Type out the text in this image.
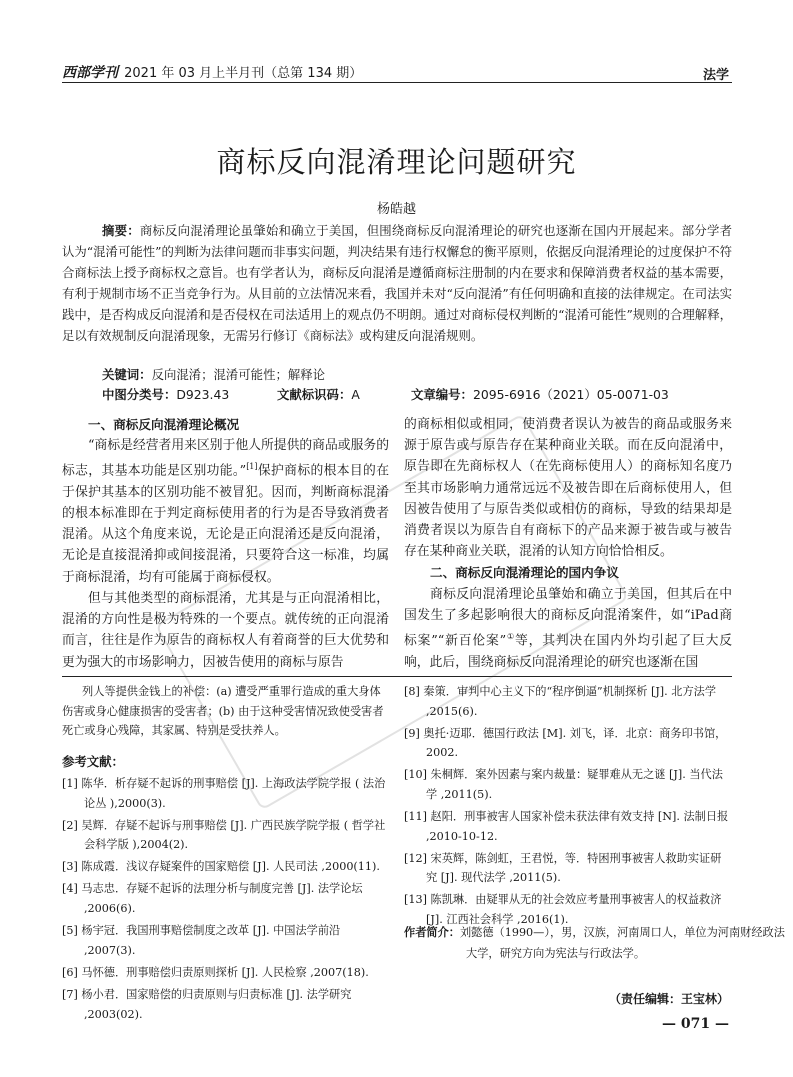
西部学刊 2021 年 03 月上半月刊（总第 134 期）	法学
商标反向混淆理论问题研究
杨皓越
摘要：商标反向混淆理论虽肇始和确立于美国，但围绕商标反向混淆理论的研究也逐渐在国内开展起来。部分学者认为“混淆可能性”的判断为法律问题而非事实问题，判决结果有违行权懈怠的衡平原则，依据反向混淆理论的过度保护不符合商标法上授予商标权之意旨。也有学者认为，商标反向混淆是遵循商标注册制的内在要求和保障消费者权益的基本需要，有利于规制市场不正当竞争行为。从目前的立法情况来看，我国并未对“反向混淆”有任何明确和直接的法律规定。在司法实践中，是否构成反向混淆和是否侵权在司法适用上的观点仍不明朗。通过对商标侵权判断的“混淆可能性”规则的合理解释，足以有效规制反向混淆现象，无需另行修订《商标法》或构建反向混淆规则。
关键词：反向混淆；混淆可能性；解释论
中图分类号：D923.43	文献标识码：A	文章编号：2095-6916（2021）05-0071-03
一、商标反向混淆理论概况

“商标是经营者用来区别于他人所提供的商品或服务的标志，其基本功能是区别功能。”[1]保护商标的根本目的在于保护其基本的区别功能不被冒犯。因而，判断商标混淆的根本标准即在于判定商标使用者的行为是否导致消费者混淆。从这个角度来说，无论是正向混淆还是反向混淆，无论是直接混淆抑或间接混淆，只要符合这一标准，均属于商标混淆，均有可能属于商标侵权。

但与其他类型的商标混淆，尤其是与正向混淆相比，混淆的方向性是极为特殊的一个要点。就传统的正向混淆而言，往往是作为原告的商标权人有着商誉的巨大优势和更为强大的市场影响力，因被告使用的商标与原告

的商标相似或相同，使消费者误认为被告的商品或服务来源于原告或与原告存在某种商业关联。而在反向混淆中，原告即在先商标权人（在先商标使用人）的商标知名度乃至其市场影响力通常远远不及被告即在后商标使用人，但因被告使用了与原告类似或相仿的商标，导致的结果却是消费者误以为原告自有商标下的产品来源于被告或与被告存在某种商业关联，混淆的认知方向恰恰相反。

二、商标反向混淆理论的国内争议

商标反向混淆理论虽肇始和确立于美国，但其后在中国发生了多起影响很大的商标反向混淆案件，如“iPad商标案”“新百伦案”①等，其判决在国内外均引起了巨大反响，此后，围绕商标反向混淆理论的研究也逐渐在国

列人等提供金钱上的补偿：(a) 遭受严重罪行造成的重大身体伤害或身心健康损害的受害者；(b) 由于这种受害情况致使受害者死亡或身心残障，其家属、特别是受扶养人。
参考文献：
[1] 陈华．析存疑不起诉的刑事赔偿 [J]. 上海政法学院学报 ( 法治论丛 ),2000(3).
[2] 吴辉．存疑不起诉与刑事赔偿 [J]. 广西民族学院学报 ( 哲学社会科学版 ),2004(2).
[3] 陈成霞．浅议存疑案件的国家赔偿 [J]. 人民司法 ,2000(11).
[4] 马志忠．存疑不起诉的法理分析与制度完善 [J]. 法学论坛 ,2006(6).
[5] 杨宇冠．我国刑事赔偿制度之改革 [J]. 中国法学前沿 ,2007(3).
[6] 马怀德．刑事赔偿归责原则探析 [J]. 人民检察 ,2007(18).
[7] 杨小君．国家赔偿的归责原则与归责标准 [J]. 法学研究 ,2003(02).
[8] 秦策．审判中心主义下的“程序倒逼”机制探析 [J]. 北方法学 ,2015(6).
[9] 奥托·迈耶．德国行政法 [M]. 刘飞，译．北京：商务印书馆，2002.
[10] 朱桐辉．案外因素与案内裁量：疑罪难从无之谜 [J]. 当代法学 ,2011(5).
[11] 赵阳．刑事被害人国家补偿未获法律有效支持 [N]. 法制日报 ,2010-10-12.
[12] 宋英辉，陈剑虹，王君悦，等．特困刑事被害人救助实证研究 [J]. 现代法学 ,2011(5).
[13] 陈凯琳．由疑罪从无的社会效应考量刑事被害人的权益救济 [J]. 江西社会科学 ,2016(1).
作者简介：刘懿德（1990—），男，汉族，河南周口人，单位为河南财经政法大学，研究方向为宪法与行政法学。
（责任编辑：王宝林）
— 071 —
